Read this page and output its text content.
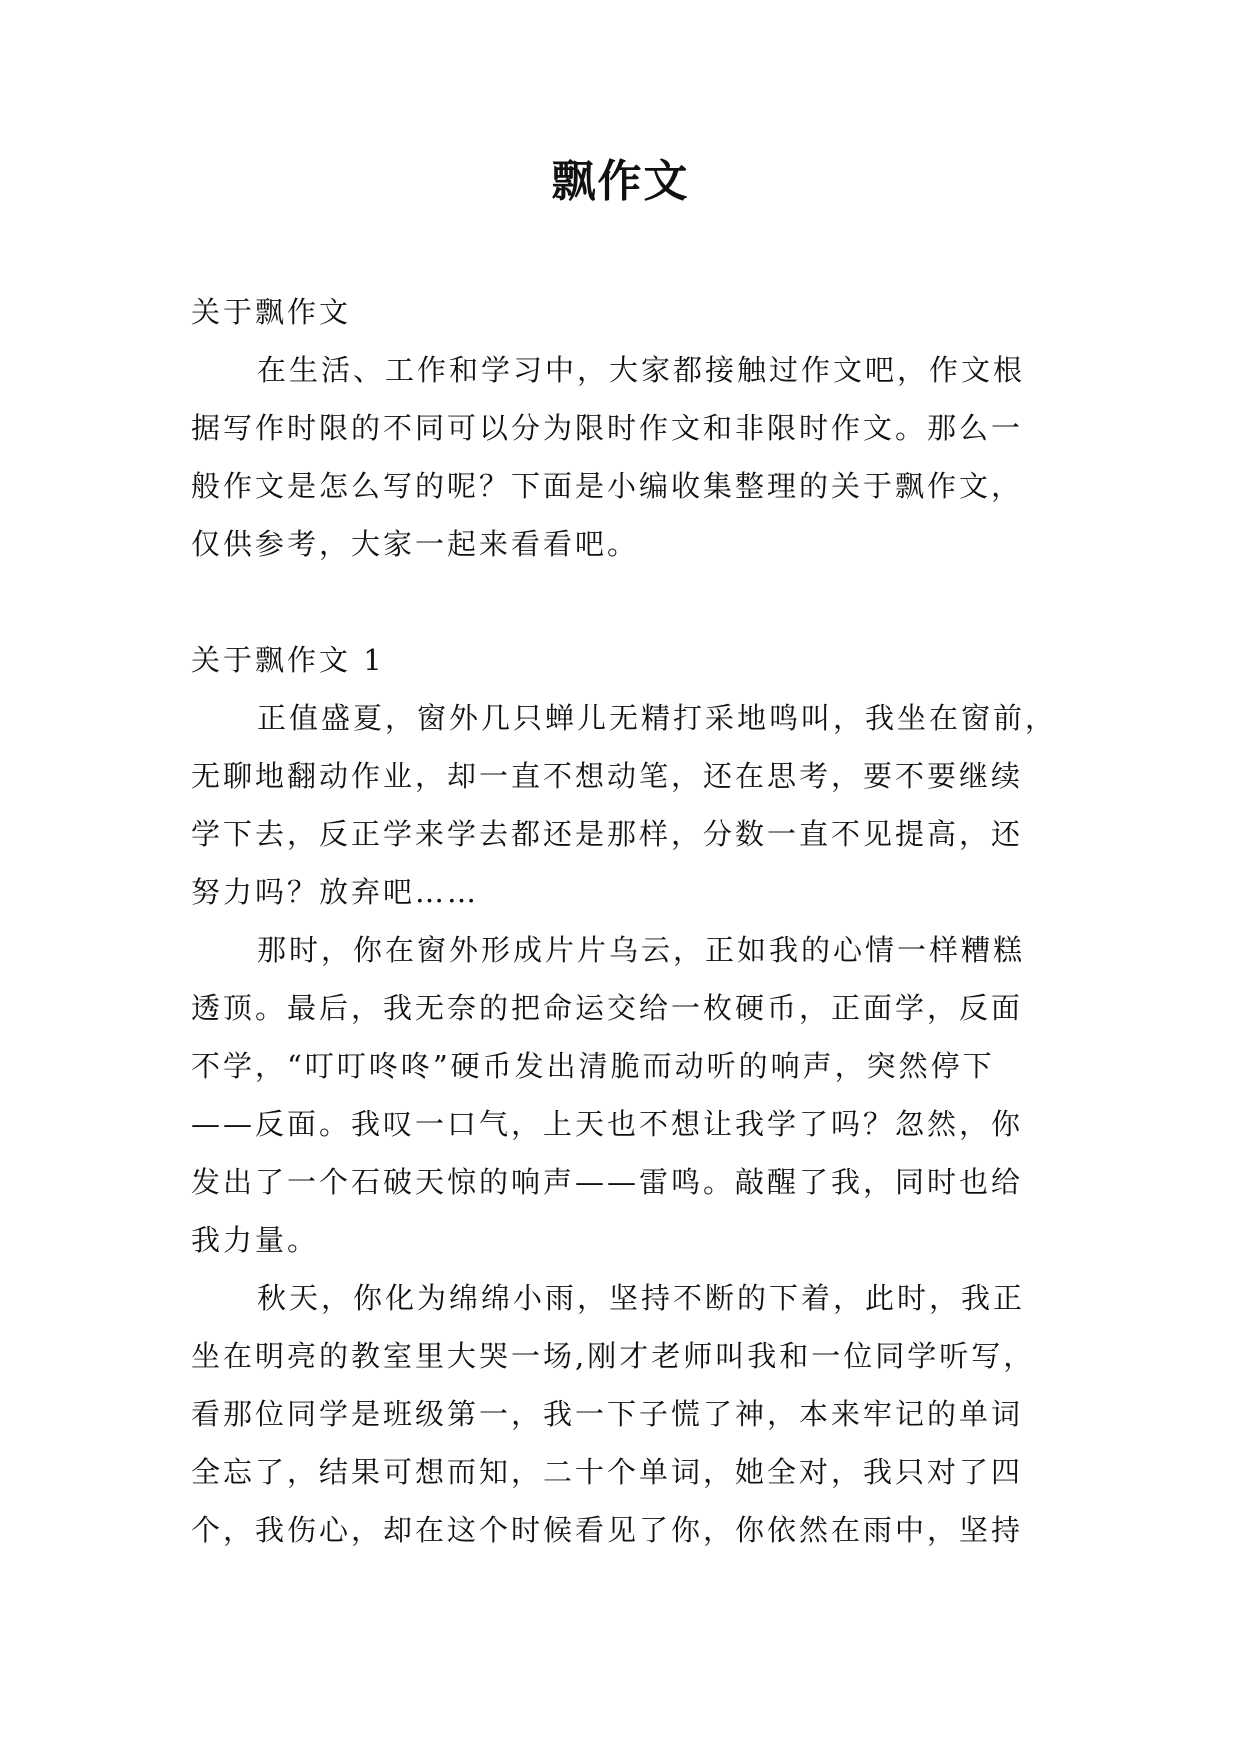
飘作文
关于飘作文
在生活、工作和学习中，大家都接触过作文吧，作文根
据写作时限的不同可以分为限时作文和非限时作文。那么一
般作文是怎么写的呢？下面是小编收集整理的关于飘作文，
仅供参考，大家一起来看看吧。
关于飘作文 1
正值盛夏，窗外几只蝉儿无精打采地鸣叫，我坐在窗前，
无聊地翻动作业，却一直不想动笔，还在思考，要不要继续
学下去，反正学来学去都还是那样，分数一直不见提高，还
努力吗？放弃吧……
那时，你在窗外形成片片乌云，正如我的心情一样糟糕
透顶。最后，我无奈的把命运交给一枚硬币，正面学，反面
不学，“叮叮咚咚”硬币发出清脆而动听的响声，突然停下
——反面。我叹一口气，上天也不想让我学了吗？忽然，你
发出了一个石破天惊的响声——雷鸣。敲醒了我，同时也给
我力量。
秋天，你化为绵绵小雨，坚持不断的下着，此时，我正
坐在明亮的教室里大哭一场,刚才老师叫我和一位同学听写，
看那位同学是班级第一，我一下子慌了神，本来牢记的单词
全忘了，结果可想而知，二十个单词，她全对，我只对了四
个，我伤心，却在这个时候看见了你，你依然在雨中，坚持
